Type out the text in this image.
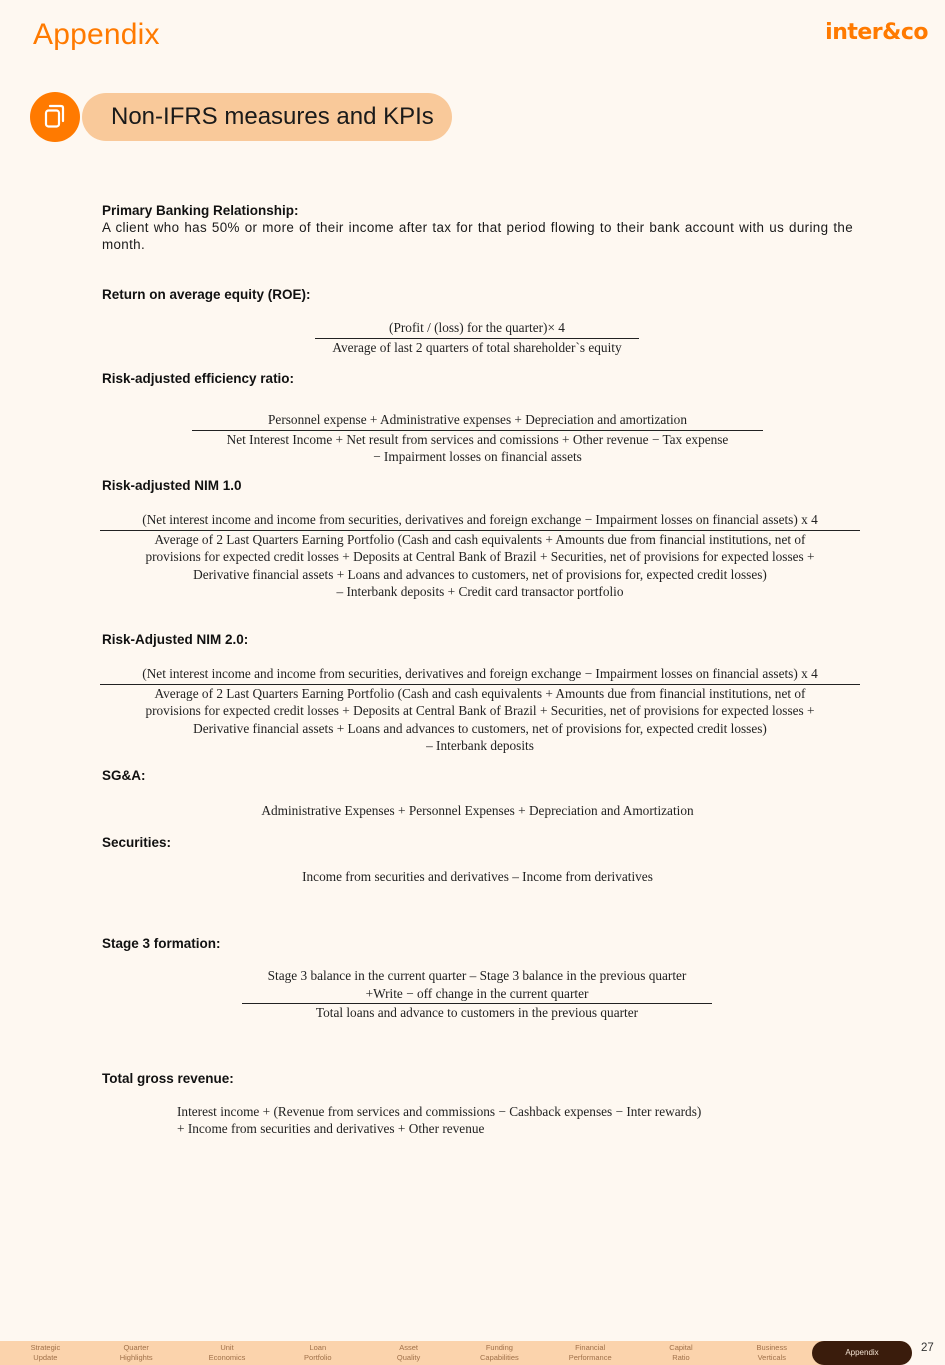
Appendix	inter&co
Non-IFRS measures and KPIs
Primary Banking Relationship:
A client who has 50% or more of their income after tax for that period flowing to their bank account with us during the month.
Return on average equity (ROE):
(Profit / (loss) for the quarter)× 4
Average of last 2 quarters of total shareholder`s equity
Risk-adjusted efficiency ratio:
Personnel expense + Administrative expenses + Depreciation and amortization
Net Interest Income + Net result from services and comissions + Other revenue − Tax expense
− Impairment losses on financial assets
Risk-adjusted NIM 1.0
(Net interest income and income from securities, derivatives and foreign exchange − Impairment losses on financial assets) x 4
Average of 2 Last Quarters Earning Portfolio (Cash and cash equivalents + Amounts due from financial institutions, net of
provisions for expected credit losses + Deposits at Central Bank of Brazil + Securities, net of provisions for expected losses +
Derivative financial assets + Loans and advances to customers, net of provisions for, expected credit losses)
– Interbank deposits + Credit card transactor portfolio
Risk-Adjusted NIM 2.0:
(Net interest income and income from securities, derivatives and foreign exchange − Impairment losses on financial assets) x 4
Average of 2 Last Quarters Earning Portfolio (Cash and cash equivalents + Amounts due from financial institutions, net of
provisions for expected credit losses + Deposits at Central Bank of Brazil + Securities, net of provisions for expected losses +
Derivative financial assets + Loans and advances to customers, net of provisions for, expected credit losses)
– Interbank deposits
SG&A:
Administrative Expenses + Personnel Expenses + Depreciation and Amortization
Securities:
Income from securities and derivatives – Income from derivatives
Stage 3 formation:
Stage 3 balance in the current quarter – Stage 3 balance in the previous quarter
+Write − off change in the current quarter
Total loans and advance to customers in the previous quarter
Total gross revenue:
Interest income + (Revenue from services and commissions − Cashback expenses − Inter rewards)
+ Income from securities and derivatives + Other revenue
Strategic
Update
Quarter
Highlights
Unit
Economics
Loan
Portfolio
Asset
Quality
Funding
Capabilities
Financial
Performance
Capital
Ratio
Business
Verticals
Appendix	27
